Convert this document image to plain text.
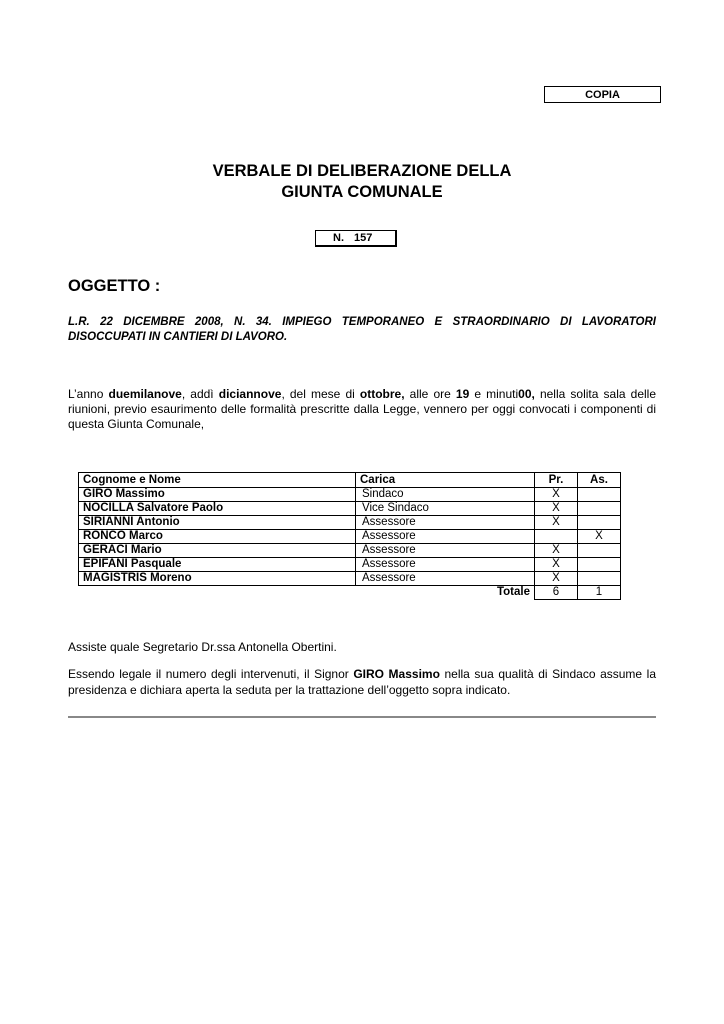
COPIA
VERBALE DI DELIBERAZIONE DELLA
GIUNTA COMUNALE
N. 157
OGGETTO :
L.R. 22 DICEMBRE 2008, N. 34. IMPIEGO TEMPORANEO E STRAORDINARIO DI LAVORATORI
DISOCCUPATI IN CANTIERI DI LAVORO.
L’anno duemilanove, addì diciannove, del mese di ottobre, alle ore 19 e minuti00, nella solita sala delle
riunioni, previo esaurimento delle formalità prescritte dalla Legge, vennero per oggi convocati i componenti di
questa Giunta Comunale,
Cognome e Nome	Carica	Pr.	As.
GIRO Massimo	Sindaco	X	
NOCILLA Salvatore Paolo	Vice Sindaco	X	
SIRIANNI Antonio	Assessore	X	
RONCO Marco	Assessore		X
GERACI Mario	Assessore	X	
EPIFANI Pasquale	Assessore	X	
MAGISTRIS Moreno	Assessore	X	
	Totale	6	1
Assiste quale Segretario Dr.ssa Antonella Obertini.
Essendo legale il numero degli intervenuti, il Signor GIRO Massimo nella sua qualità di Sindaco assume la
presidenza e dichiara aperta la seduta per la trattazione dell’oggetto sopra indicato.
